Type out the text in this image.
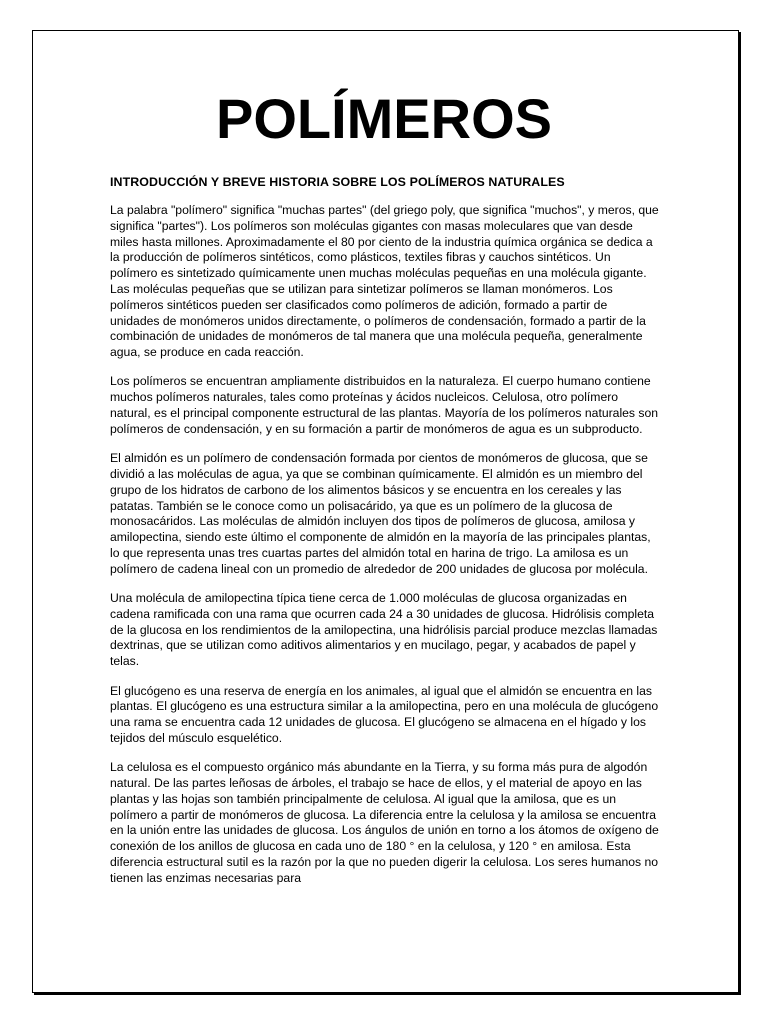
POLÍMEROS

INTRODUCCIÓN Y BREVE HISTORIA SOBRE LOS POLÍMEROS NATURALES

La palabra "polímero" significa "muchas partes" (del griego poly, que significa "muchos", y meros, que significa "partes"). Los polímeros son moléculas gigantes con masas moleculares que van desde miles hasta millones. Aproximadamente el 80 por ciento de la industria química orgánica se dedica a la producción de polímeros sintéticos, como plásticos, textiles fibras y cauchos sintéticos. Un polímero es sintetizado químicamente unen muchas moléculas pequeñas en una molécula gigante. Las moléculas pequeñas que se utilizan para sintetizar polímeros se llaman monómeros. Los polímeros sintéticos pueden ser clasificados como polímeros de adición, formado a partir de unidades de monómeros unidos directamente, o polímeros de condensación, formado a partir de la combinación de unidades de monómeros de tal manera que una molécula pequeña, generalmente agua, se produce en cada reacción.

Los polímeros se encuentran ampliamente distribuidos en la naturaleza. El cuerpo humano contiene muchos polímeros naturales, tales como proteínas y ácidos nucleicos. Celulosa, otro polímero natural, es el principal componente estructural de las plantas. Mayoría de los polímeros naturales son polímeros de condensación, y en su formación a partir de monómeros de agua es un subproducto.

El almidón es un polímero de condensación formada por cientos de monómeros de glucosa, que se dividió a las moléculas de agua, ya que se combinan químicamente. El almidón es un miembro del grupo de los hidratos de carbono de los alimentos básicos y se encuentra en los cereales y las patatas. También se le conoce como un polisacárido, ya que es un polímero de la glucosa de monosacáridos. Las moléculas de almidón incluyen dos tipos de polímeros de glucosa, amilosa y amilopectina, siendo este último el componente de almidón en la mayoría de las principales plantas, lo que representa unas tres cuartas partes del almidón total en harina de trigo. La amilosa es un polímero de cadena lineal con un promedio de alrededor de 200 unidades de glucosa por molécula.

Una molécula de amilopectina típica tiene cerca de 1.000 moléculas de glucosa organizadas en cadena ramificada con una rama que ocurren cada 24 a 30 unidades de glucosa. Hidrólisis completa de la glucosa en los rendimientos de la amilopectina, una hidrólisis parcial produce mezclas llamadas dextrinas, que se utilizan como aditivos alimentarios y en mucilago, pegar, y acabados de papel y telas.

El glucógeno es una reserva de energía en los animales, al igual que el almidón se encuentra en las plantas. El glucógeno es una estructura similar a la amilopectina, pero en una molécula de glucógeno una rama se encuentra cada 12 unidades de glucosa. El glucógeno se almacena en el hígado y los tejidos del músculo esquelético.

La celulosa es el compuesto orgánico más abundante en la Tierra, y su forma más pura de algodón natural. De las partes leñosas de árboles, el trabajo se hace de ellos, y el material de apoyo en las plantas y las hojas son también principalmente de celulosa. Al igual que la amilosa, que es un polímero a partir de monómeros de glucosa. La diferencia entre la celulosa y la amilosa se encuentra en la unión entre las unidades de glucosa. Los ángulos de unión en torno a los átomos de oxígeno de conexión de los anillos de glucosa en cada uno de 180 ° en la celulosa, y 120 ° en amilosa. Esta diferencia estructural sutil es la razón por la que no pueden digerir la celulosa. Los seres humanos no tienen las enzimas necesarias para
